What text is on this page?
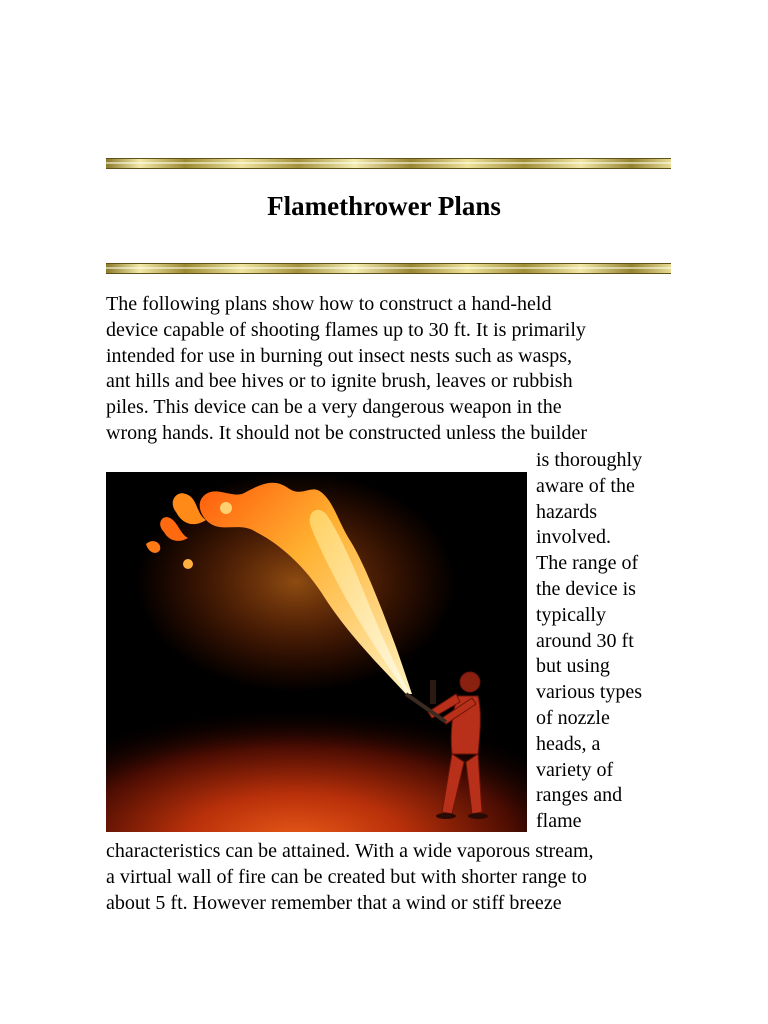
Flamethrower Plans

The following plans show how to construct a hand-held
device capable of shooting flames up to 30 ft. It is primarily
intended for use in burning out insect nests such as wasps,
ant hills and bee hives or to ignite brush, leaves or rubbish
piles. This device can be a very dangerous weapon in the
wrong hands. It should not be constructed unless the builder

is thoroughly
aware of the
hazards
involved.
The range of
the device is
typically
around 30 ft
but using
various types
of nozzle
heads, a
variety of
ranges and
flame

characteristics can be attained. With a wide vaporous stream,
a virtual wall of fire can be created but with shorter range to
about 5 ft. However remember that a wind or stiff breeze
